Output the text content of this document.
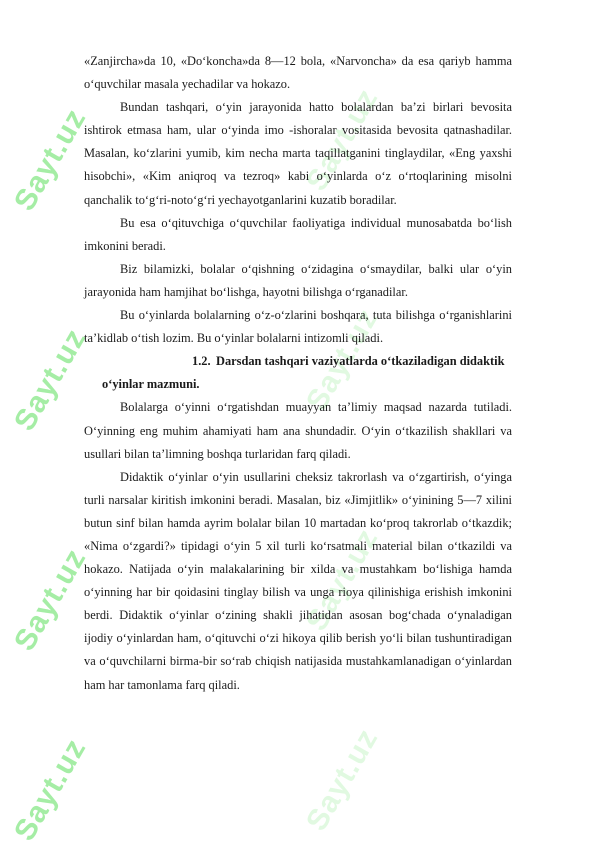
Sayt.uz
Sayt.uz
Sayt.uz
Sayt.uz
Sayt.uz
Sayt.uz
Sayt.uz
Sayt.uz

«Zanjircha»da 10, «Do‘koncha»da 8—12 bola, «Narvoncha» da esa qariyb hamma o‘quvchilar masala yechadilar va hokazo.

Bundan tashqari, o‘yin jarayonida hatto bolalardan ba’zi birlari bevosita ishtirok etmasa ham, ular o‘yinda imo -ishoralar vositasida bevosita qatnashadilar. Masalan, ko‘zlarini yumib, kim necha marta taqillatganini tinglaydilar, «Eng yaxshi hisobchi», «Kim aniqroq va tezroq» kabi o‘yinlarda o‘z o‘rtoqlarining misolni qanchalik to‘g‘ri-noto‘g‘ri yechayotganlarini kuzatib boradilar.

Bu esa o‘qituvchiga o‘quvchilar faoliyatiga individual munosabatda bo‘lish imkonini beradi.

Biz bilamizki, bolalar o‘qishning o‘zidagina o‘smaydilar, balki ular o‘yin jarayonida ham hamjihat bo‘lishga, hayotni bilishga o‘rganadilar.

Bu o‘yinlarda bolalarning o‘z-o‘zlarini boshqara, tuta bilishga o‘rganishlarini ta’kidlab o‘tish lozim. Bu o‘yinlar bolalarni intizomli qiladi.

1.2. Darsdan tashqari vaziyatlarda o‘tkaziladigan didaktik

o‘yinlar mazmuni.

Bolalarga o‘yinni o‘rgatishdan muayyan ta’limiy maqsad nazarda tutiladi. O‘yinning eng muhim ahamiyati ham ana shundadir. O‘yin o‘tkazilish shakllari va usullari bilan ta’limning boshqa turlaridan farq qiladi.

Didaktik o‘yinlar o‘yin usullarini cheksiz takrorlash va o‘zgartirish, o‘yinga turli narsalar kiritish imkonini beradi. Masalan, biz «Jimjitlik» o‘yinining 5—7 xilini butun sinf bilan hamda ayrim bolalar bilan 10 martadan ko‘proq takrorlab o‘tkazdik; «Nima o‘zgardi?» tipidagi o‘yin 5 xil turli ko‘rsatmali material bilan o‘tkazildi va hokazo. Natijada o‘yin malakalarining bir xilda va mustahkam bo‘lishiga hamda o‘yinning har bir qoidasini tinglay bilish va unga rioya qilinishiga erishish imkonini berdi. Didaktik o‘yinlar o‘zining shakli jihatidan asosan bog‘chada o‘ynaladigan ijodiy o‘yinlardan ham, o‘qituvchi o‘zi hikoya qilib berish yo‘li bilan tushuntiradigan va o‘quvchilarni birma-bir so‘rab chiqish natijasida mustahkamlanadigan o‘yinlardan ham har tamonlama farq qiladi.
